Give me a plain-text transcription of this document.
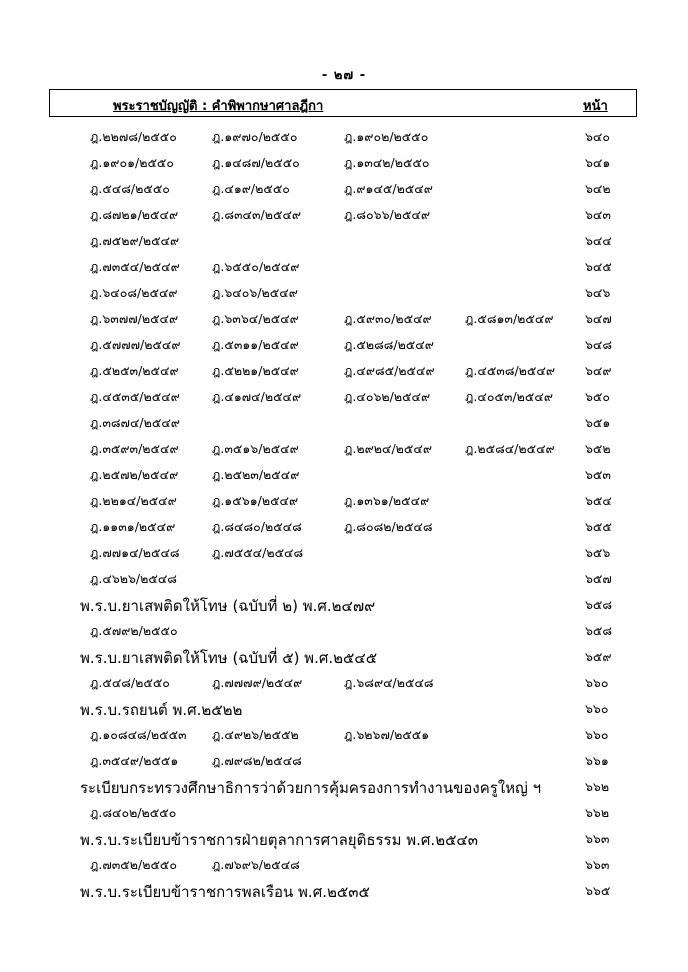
- ๒๗ -
พระราชบัญญัติ : คำพิพากษาศาลฎีกา	หน้า
ฎ.๒๒๗๘/๒๕๕๐	ฎ.๑๙๗๐/๒๕๕๐	ฎ.๑๙๐๒/๒๕๕๐	๖๔๐
ฎ.๑๙๐๑/๒๕๕๐	ฎ.๑๔๘๗/๒๕๕๐	ฎ.๑๓๔๒/๒๕๕๐	๖๔๑
ฎ.๕๔๘/๒๕๕๐	ฎ.๔๑๙/๒๕๕๐	ฎ.๙๑๔๕/๒๕๔๙	๖๔๒
ฎ.๘๗๒๑/๒๕๔๙	ฎ.๘๓๔๓/๒๕๔๙	ฎ.๘๐๖๖/๒๕๔๙	๖๔๓
ฎ.๗๕๒๙/๒๕๔๙	๖๔๔
ฎ.๗๓๕๔/๒๕๔๙	ฎ.๖๕๕๐/๒๕๔๙	๖๔๕
ฎ.๖๔๐๘/๒๕๔๙	ฎ.๖๔๐๖/๒๕๔๙	๖๔๖
ฎ.๖๓๗๗/๒๕๔๙	ฎ.๖๓๖๔/๒๕๔๙	ฎ.๕๙๓๐/๒๕๔๙	ฎ.๕๘๑๓/๒๕๔๙	๖๔๗
ฎ.๕๗๗๗/๒๕๔๙	ฎ.๕๓๑๑/๒๕๔๙	ฎ.๕๒๘๘/๒๕๔๙	๖๔๘
ฎ.๕๒๕๓/๒๕๔๙	ฎ.๕๒๒๑/๒๕๔๙	ฎ.๔๙๘๕/๒๕๔๙ ฎ.๔๕๓๘/๒๕๔๙ ๖๔๙
ฎ.๔๕๓๕/๒๕๔๙	ฎ.๔๑๗๔/๒๕๔๙	ฎ.๔๐๖๒/๒๕๔๙	ฎ.๔๐๕๓/๒๕๔๙	๖๕๐
ฎ.๓๘๗๔/๒๕๔๙	๖๕๑
ฎ.๓๕๙๓/๒๕๔๙	ฎ.๓๕๑๖/๒๕๔๙	ฎ.๒๙๒๔/๒๕๔๙	ฎ.๒๕๘๔/๒๕๔๙ ๖๕๒
ฎ.๒๕๗๒/๒๕๔๙	ฎ.๒๕๒๓/๒๕๔๙	๖๕๓
ฎ.๒๒๑๔/๒๕๔๙	ฎ.๑๕๖๑/๒๕๔๙	ฎ.๑๓๖๑/๒๕๔๙	๖๕๔
ฎ.๑๑๓๑/๒๕๔๙	ฎ.๘๔๘๐/๒๕๔๘	ฎ.๘๐๘๒/๒๕๔๘	๖๕๕
ฎ.๗๗๑๔/๒๕๔๘	ฎ.๗๕๕๔/๒๕๔๘	๖๕๖
ฎ.๔๖๒๖/๒๕๔๘	๖๕๗
พ.ร.บ.ยาเสพติดให้โทษ (ฉบับที่ ๒) พ.ศ.๒๔๗๙	๖๕๘
ฎ.๕๗๙๒/๒๕๕๐	๖๕๘
พ.ร.บ.ยาเสพติดให้โทษ (ฉบับที่ ๕) พ.ศ.๒๕๔๕	๖๕๙
ฎ.๕๔๘/๒๕๕๐	ฎ.๗๗๗๙/๒๕๔๙	ฎ.๖๘๙๔/๒๕๔๘	๖๖๐
พ.ร.บ.รถยนต์ พ.ศ.๒๕๒๒	๖๖๐
ฎ.๑๐๘๔๘/๒๕๕๓ ฎ.๔๙๒๖/๒๕๕๒	ฎ.๖๒๖๗/๒๕๕๑	๖๖๐
ฎ.๓๕๔๙/๒๕๕๑	ฎ.๗๙๘๒/๒๕๔๘	๖๖๑
ระเบียบกระทรวงศึกษาธิการว่าด้วยการคุ้มครองการทำงานของครูใหญ่ ฯ	๖๖๒
ฎ.๘๔๐๒/๒๕๕๐	๖๖๒
พ.ร.บ.ระเบียบข้าราชการฝ่ายตุลาการศาลยุติธรรม พ.ศ.๒๕๔๓	๖๖๓
ฎ.๗๓๕๒/๒๕๕๐	ฎ.๗๖๙๖/๒๕๔๘	๖๖๓
พ.ร.บ.ระเบียบข้าราชการพลเรือน พ.ศ.๒๕๓๕	๖๖๕
